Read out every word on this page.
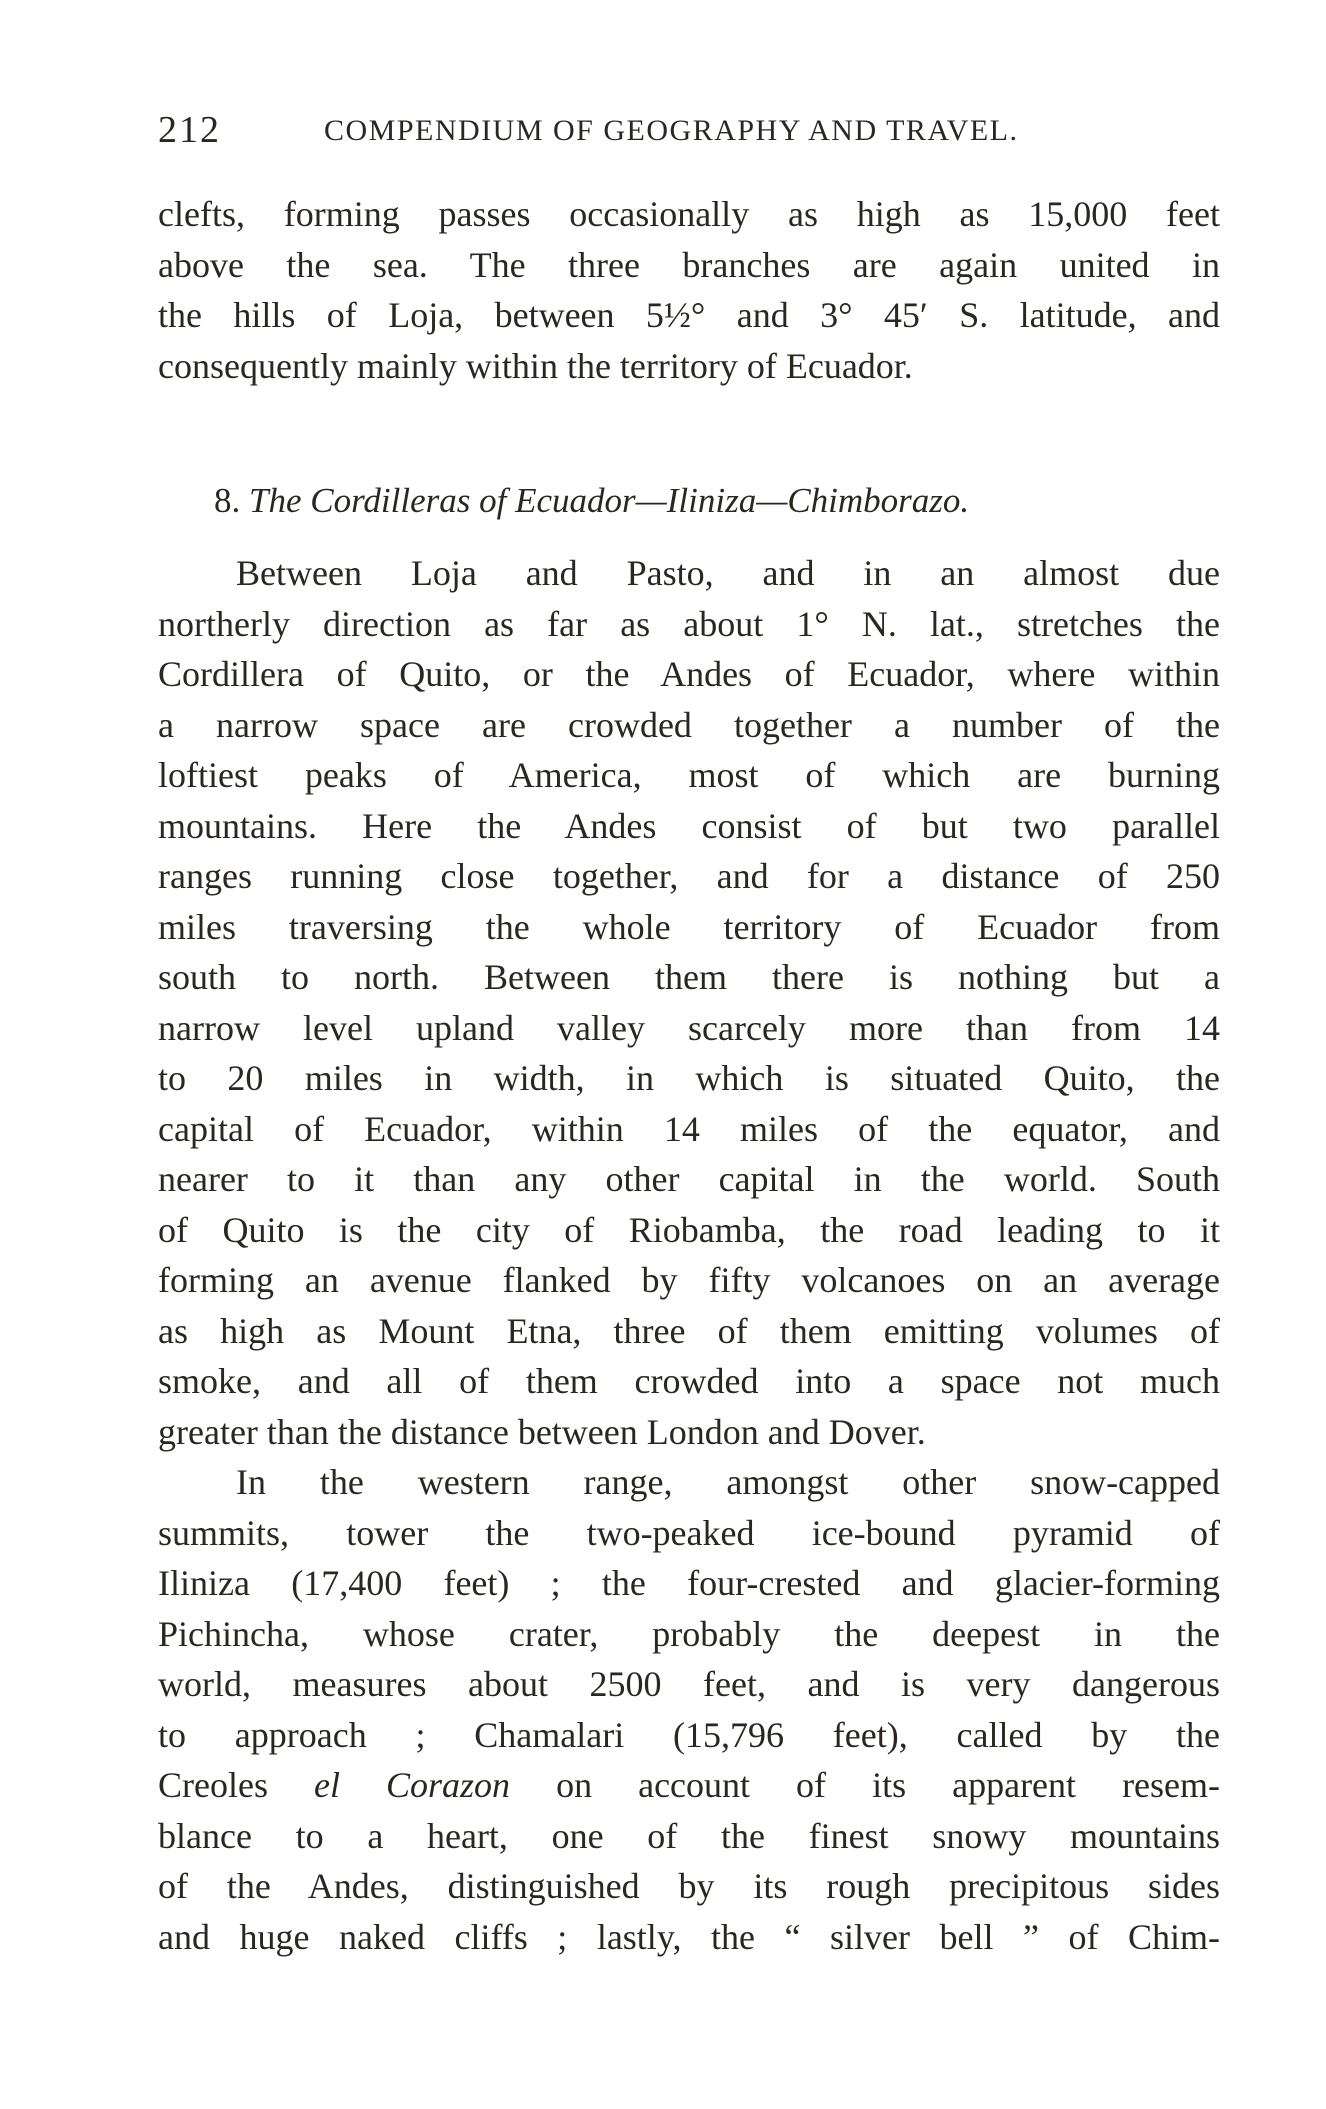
212	COMPENDIUM OF GEOGRAPHY AND TRAVEL.
clefts, forming passes occasionally as high as 15,000 feet
above the sea. The three branches are again united in
the hills of Loja, between 5½° and 3° 45′ S. latitude, and
consequently mainly within the territory of Ecuador.
8. The Cordilleras of Ecuador—Iliniza—Chimborazo.
Between Loja and Pasto, and in an almost due
northerly direction as far as about 1° N. lat., stretches the
Cordillera of Quito, or the Andes of Ecuador, where within
a narrow space are crowded together a number of the
loftiest peaks of America, most of which are burning
mountains. Here the Andes consist of but two parallel
ranges running close together, and for a distance of 250
miles traversing the whole territory of Ecuador from
south to north. Between them there is nothing but a
narrow level upland valley scarcely more than from 14
to 20 miles in width, in which is situated Quito, the
capital of Ecuador, within 14 miles of the equator, and
nearer to it than any other capital in the world. South
of Quito is the city of Riobamba, the road leading to it
forming an avenue flanked by fifty volcanoes on an average
as high as Mount Etna, three of them emitting volumes of
smoke, and all of them crowded into a space not much
greater than the distance between London and Dover.
In the western range, amongst other snow-capped
summits, tower the two-peaked ice-bound pyramid of
Iliniza (17,400 feet) ; the four-crested and glacier-forming
Pichincha, whose crater, probably the deepest in the
world, measures about 2500 feet, and is very dangerous
to approach ; Chamalari (15,796 feet), called by the
Creoles el Corazon on account of its apparent resem-
blance to a heart, one of the finest snowy mountains
of the Andes, distinguished by its rough precipitous sides
and huge naked cliffs ; lastly, the “ silver bell ” of Chim-
